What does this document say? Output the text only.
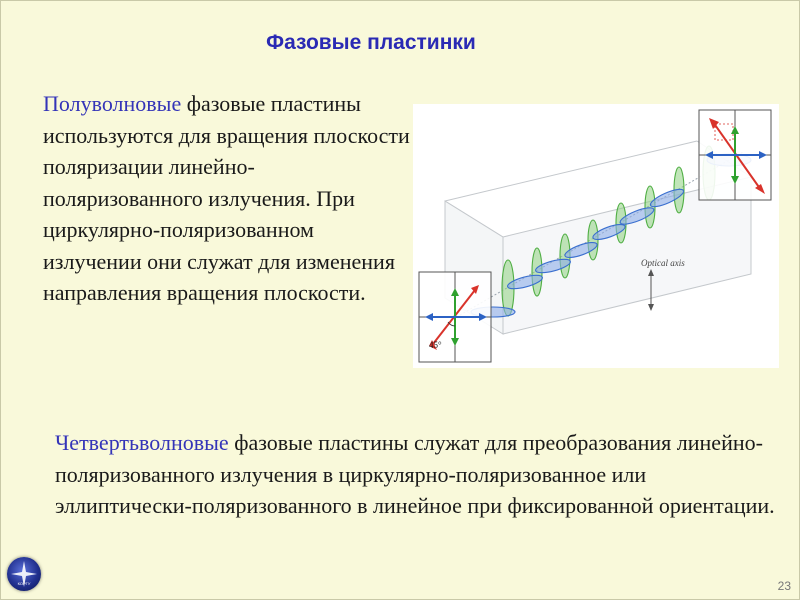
Фазовые пластинки
Полуволновые фазовые пластины используются для вращения плоскости поляризации линейно-поляризованного излучения. При циркулярно-поляризованном излучении они служат для изменения направления вращения плоскости.
Optical axis
45°
Четвертьволновые фазовые пластины служат для преобразования линейно-поляризованного излучения в циркулярно-поляризованное или эллиптически-поляризованного в линейное при фиксированной ориентации.
КОРГУ	23
